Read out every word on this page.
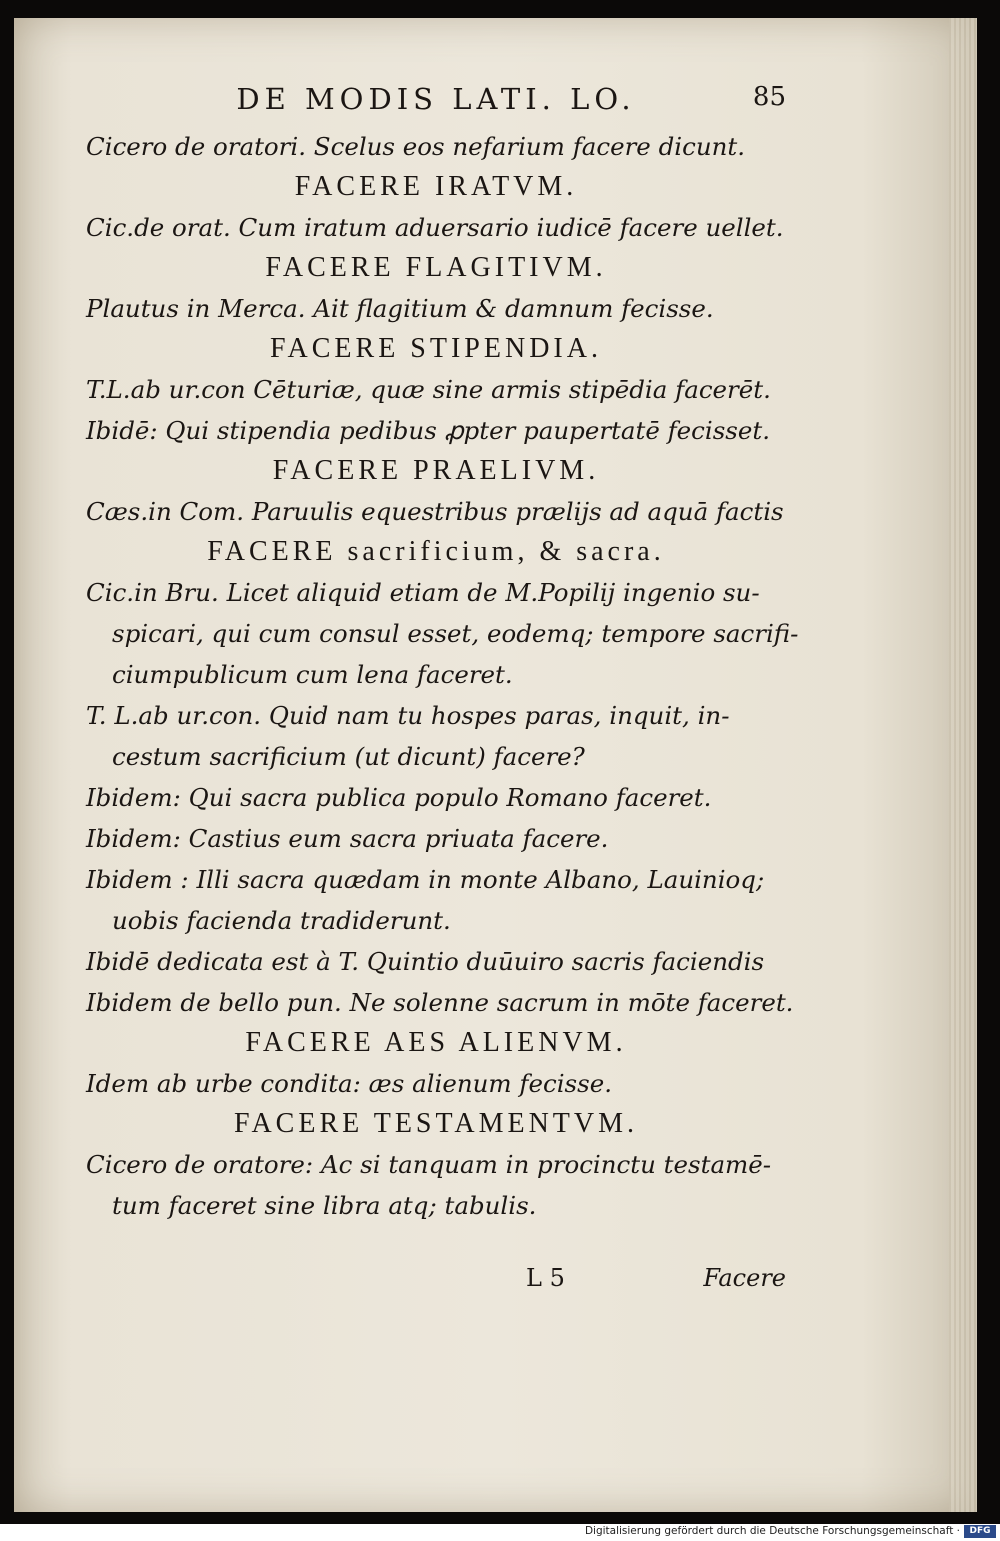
DE MODIS LATI. LO.	85
Cicero de oratori. Scelus eos nefarium facere dicunt.
FACERE IRATVM.
Cic.de orat. Cum iratum aduersario iudicē facere uellet.
FACERE FLAGITIVM.
Plautus in Merca. Ait flagitium & damnum fecisse.
FACERE STIPENDIA.
T.L.ab ur.con Cēturiæ, quæ sine armis stipēdia facerēt.
Ibidē: Qui stipendia pedibus ꝓpter paupertatē fecisset.
FACERE PRAELIVM.
Cæs.in Com. Paruulis equestribus prælijs ad aquā factis
FACERE sacrificium, & sacra.
Cic.in Bru. Licet aliquid etiam de M.Popilij ingenio su-
spicari, qui cum consul esset, eodemq; tempore sacrifi-
ciumpublicum cum lena faceret.
T. L.ab ur.con. Quid nam tu hospes paras, inquit, in-
cestum sacrificium (ut dicunt) facere?
Ibidem: Qui sacra publica populo Romano faceret.
Ibidem: Castius eum sacra priuata facere.
Ibidem : Illi sacra quædam in monte Albano, Lauinioq;
uobis facienda tradiderunt.
Ibidē dedicata est à T. Quintio duūuiro sacris faciendis
Ibidem de bello pun. Ne solenne sacrum in mōte faceret.
FACERE AES ALIENVM.
Idem ab urbe condita: æs alienum fecisse.
FACERE TESTAMENTVM.
Cicero de oratore: Ac si tanquam in procinctu testamē-
tum faceret sine libra atq; tabulis.
L 5	Facere
Digitalisierung gefördert durch die Deutsche Forschungsgemeinschaft ·	DFG
